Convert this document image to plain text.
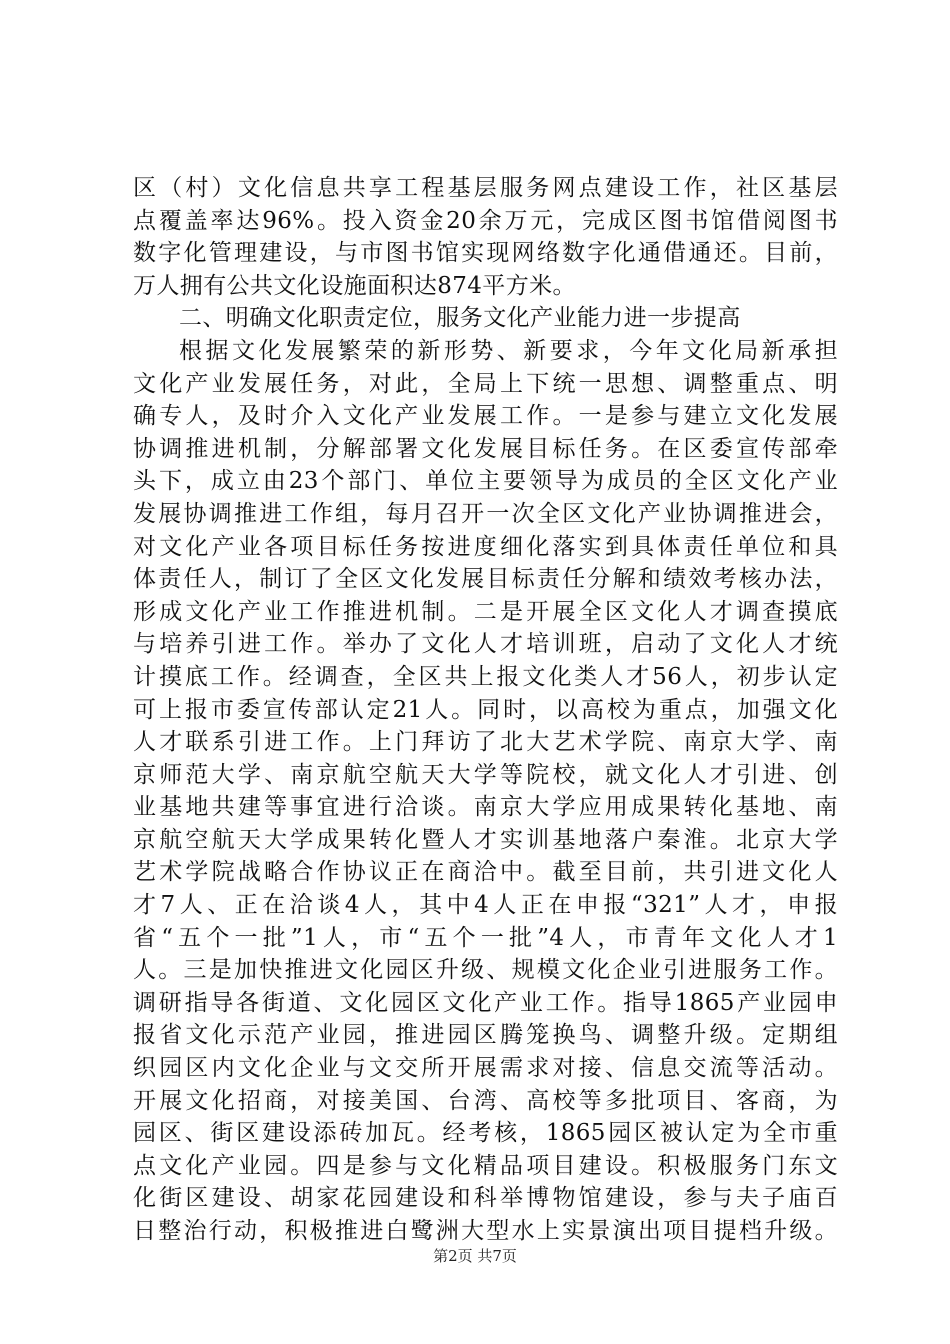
区（村）文化信息共享工程基层服务网点建设工作，社区基层
点覆盖率达96%。投入资金20余万元，完成区图书馆借阅图书
数字化管理建设，与市图书馆实现网络数字化通借通还。目前，
万人拥有公共文化设施面积达874平方米。
二、明确文化职责定位，服务文化产业能力进一步提高
根据文化发展繁荣的新形势、新要求，今年文化局新承担
文化产业发展任务，对此，全局上下统一思想、调整重点、明
确专人，及时介入文化产业发展工作。一是参与建立文化发展
协调推进机制，分解部署文化发展目标任务。在区委宣传部牵
头下，成立由23个部门、单位主要领导为成员的全区文化产业
发展协调推进工作组，每月召开一次全区文化产业协调推进会，
对文化产业各项目标任务按进度细化落实到具体责任单位和具
体责任人，制订了全区文化发展目标责任分解和绩效考核办法，
形成文化产业工作推进机制。二是开展全区文化人才调查摸底
与培养引进工作。举办了文化人才培训班，启动了文化人才统
计摸底工作。经调查，全区共上报文化类人才56人，初步认定
可上报市委宣传部认定21人。同时，以高校为重点，加强文化
人才联系引进工作。上门拜访了北大艺术学院、南京大学、南
京师范大学、南京航空航天大学等院校，就文化人才引进、创
业基地共建等事宜进行洽谈。南京大学应用成果转化基地、南
京航空航天大学成果转化暨人才实训基地落户秦淮。北京大学
艺术学院战略合作协议正在商洽中。截至目前，共引进文化人
才7人、正在洽谈4人，其中4人正在申报“321”人才，申报
省“五个一批”1人，市“五个一批”4人，市青年文化人才1
人。三是加快推进文化园区升级、规模文化企业引进服务工作。
调研指导各街道、文化园区文化产业工作。指导1865产业园申
报省文化示范产业园，推进园区腾笼换鸟、调整升级。定期组
织园区内文化企业与文交所开展需求对接、信息交流等活动。
开展文化招商，对接美国、台湾、高校等多批项目、客商，为
园区、街区建设添砖加瓦。经考核，1865园区被认定为全市重
点文化产业园。四是参与文化精品项目建设。积极服务门东文
化街区建设、胡家花园建设和科举博物馆建设，参与夫子庙百
日整治行动，积极推进白鹭洲大型水上实景演出项目提档升级。
第2页 共7页
